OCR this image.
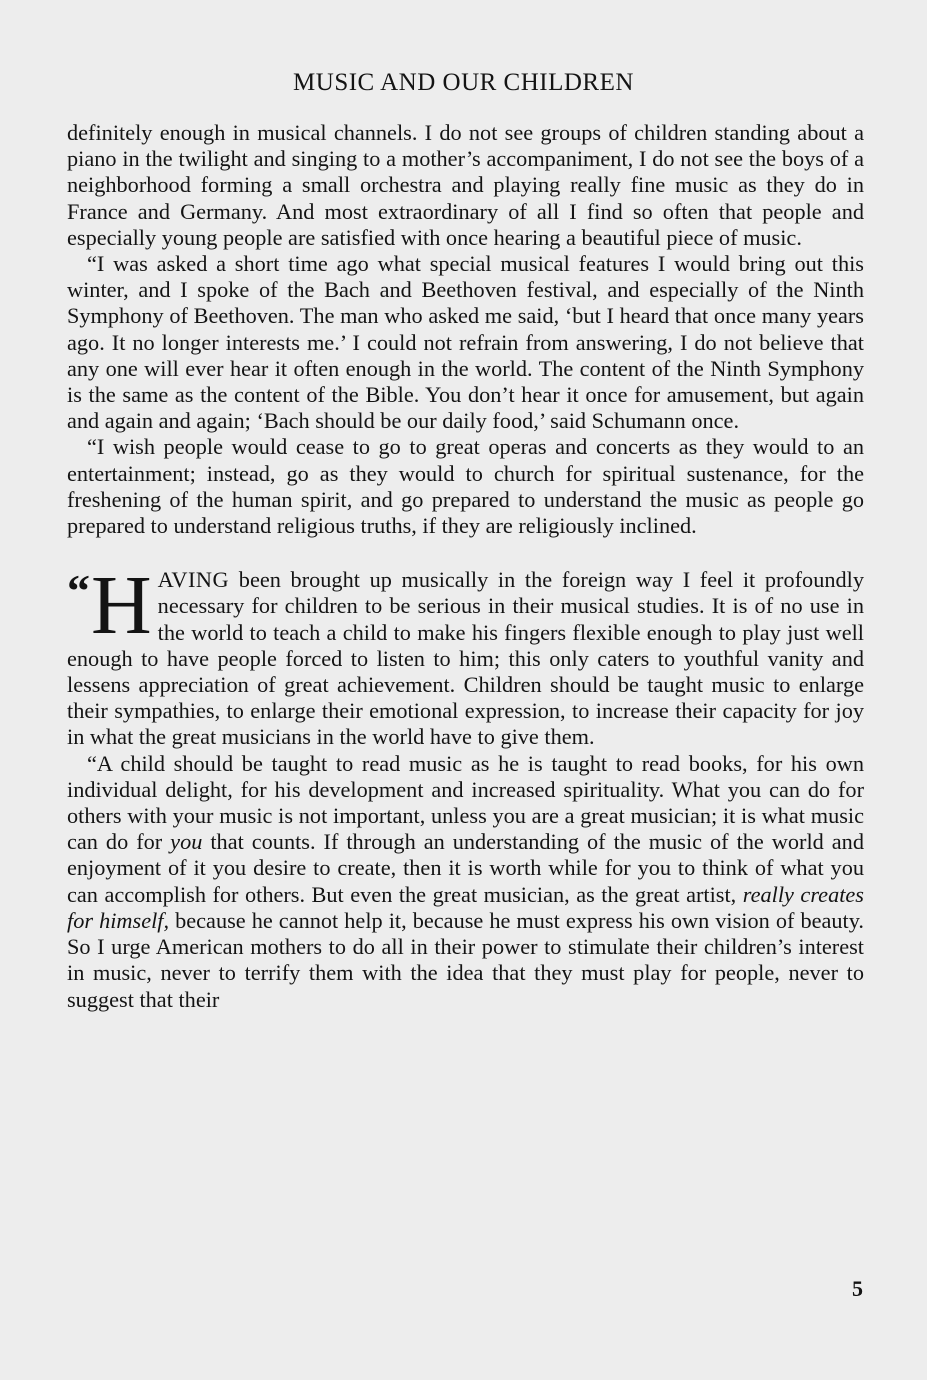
MUSIC AND OUR CHILDREN

definitely enough in musical channels. I do not see groups of children standing about a piano in the twilight and singing to a mother’s accompaniment, I do not see the boys of a neighborhood forming a small orchestra and playing really fine music as they do in France and Germany. And most extraordinary of all I find so often that people and especially young people are satisfied with once hearing a beautiful piece of music.

“I was asked a short time ago what special musical features I would bring out this winter, and I spoke of the Bach and Beethoven festival, and especially of the Ninth Symphony of Beethoven. The man who asked me said, ‘but I heard that once many years ago. It no longer interests me.’ I could not refrain from answering, I do not believe that any one will ever hear it often enough in the world. The content of the Ninth Symphony is the same as the content of the Bible. You don’t hear it once for amusement, but again and again and again; ‘Bach should be our daily food,’ said Schumann once.

“I wish people would cease to go to great operas and concerts as they would to an entertainment; instead, go as they would to church for spiritual sustenance, for the freshening of the human spirit, and go prepared to understand the music as people go prepared to understand religious truths, if they are religiously inclined.

“ H AVING been brought up musically in the foreign way I feel it profoundly necessary for children to be serious in their musical studies. It is of no use in the world to teach a child to make his fingers flexible enough to play just well enough to have people forced to listen to him; this only caters to youthful vanity and lessens appreciation of great achievement. Children should be taught music to enlarge their sympathies, to enlarge their emotional expression, to increase their capacity for joy in what the great musicians in the world have to give them.

“A child should be taught to read music as he is taught to read books, for his own individual delight, for his development and increased spirituality. What you can do for others with your music is not important, unless you are a great musician; it is what music can do for you that counts. If through an understanding of the music of the world and enjoyment of it you desire to create, then it is worth while for you to think of what you can accomplish for others. But even the great musician, as the great artist, really creates for himself, because he cannot help it, because he must express his own vision of beauty. So I urge American mothers to do all in their power to stimulate their children’s interest in music, never to terrify them with the idea that they must play for people, never to suggest that their

5
